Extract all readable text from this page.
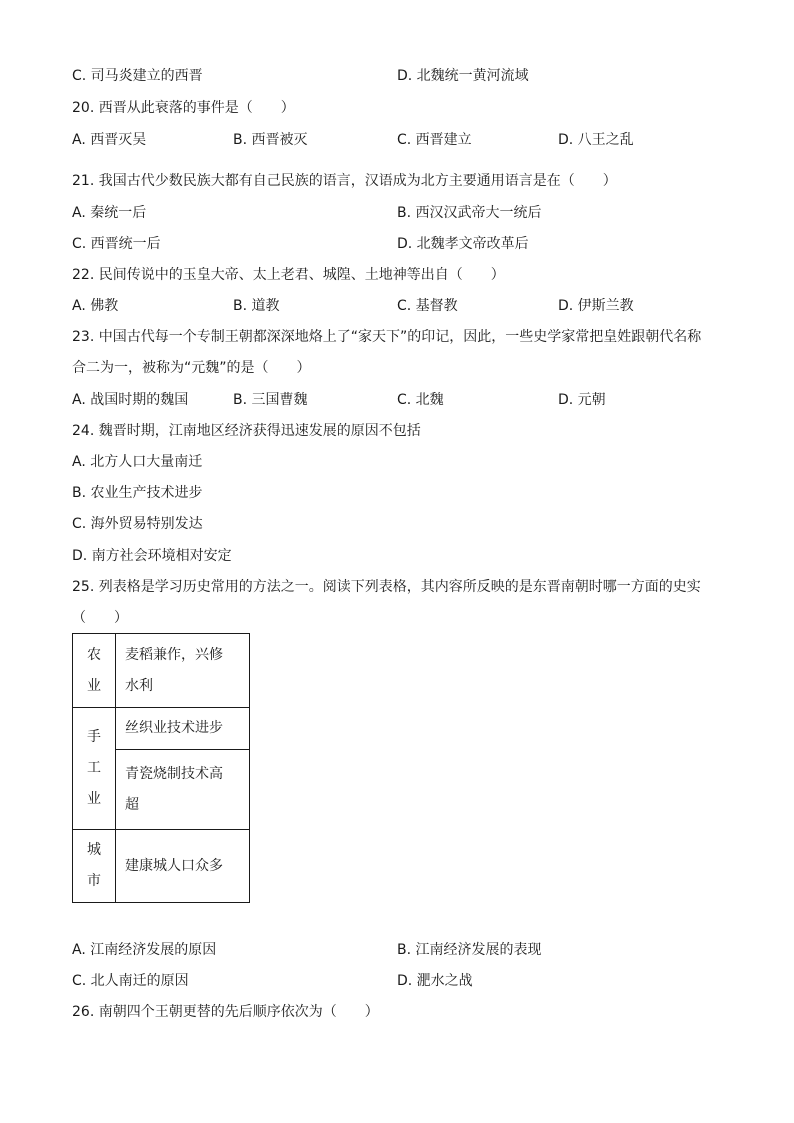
C. 司马炎建立的西晋	D. 北魏统一黄河流域
20. 西晋从此衰落的事件是（　　）
A. 西晋灭吴	B. 西晋被灭	C. 西晋建立	D. 八王之乱
21. 我国古代少数民族大都有自己民族的语言，汉语成为北方主要通用语言是在（　　）
A. 秦统一后	B. 西汉汉武帝大一统后
C. 西晋统一后	D. 北魏孝文帝改革后
22. 民间传说中的玉皇大帝、太上老君、城隍、土地神等出自（　　）
A. 佛教	B. 道教	C. 基督教	D. 伊斯兰教
23. 中国古代每一个专制王朝都深深地烙上了“家天下”的印记，因此，一些史学家常把皇姓跟朝代名称
合二为一，被称为“元魏”的是（　　）
A. 战国时期的魏国	B. 三国曹魏	C. 北魏	D. 元朝
24. 魏晋时期，江南地区经济获得迅速发展的原因不包括
A. 北方人口大量南迁
B. 农业生产技术进步
C. 海外贸易特别发达
D. 南方社会环境相对安定
25. 列表格是学习历史常用的方法之一。阅读下列表格，其内容所反映的是东晋南朝时哪一方面的史实
（　　）
农
业	麦稻兼作，兴修
水利

手
工
业	丝织业技术进步

	青瓷烧制技术高
超

城
市	建康城人口众多
A. 江南经济发展的原因	B. 江南经济发展的表现
C. 北人南迁的原因	D. 淝水之战
26. 南朝四个王朝更替的先后顺序依次为（　　）
